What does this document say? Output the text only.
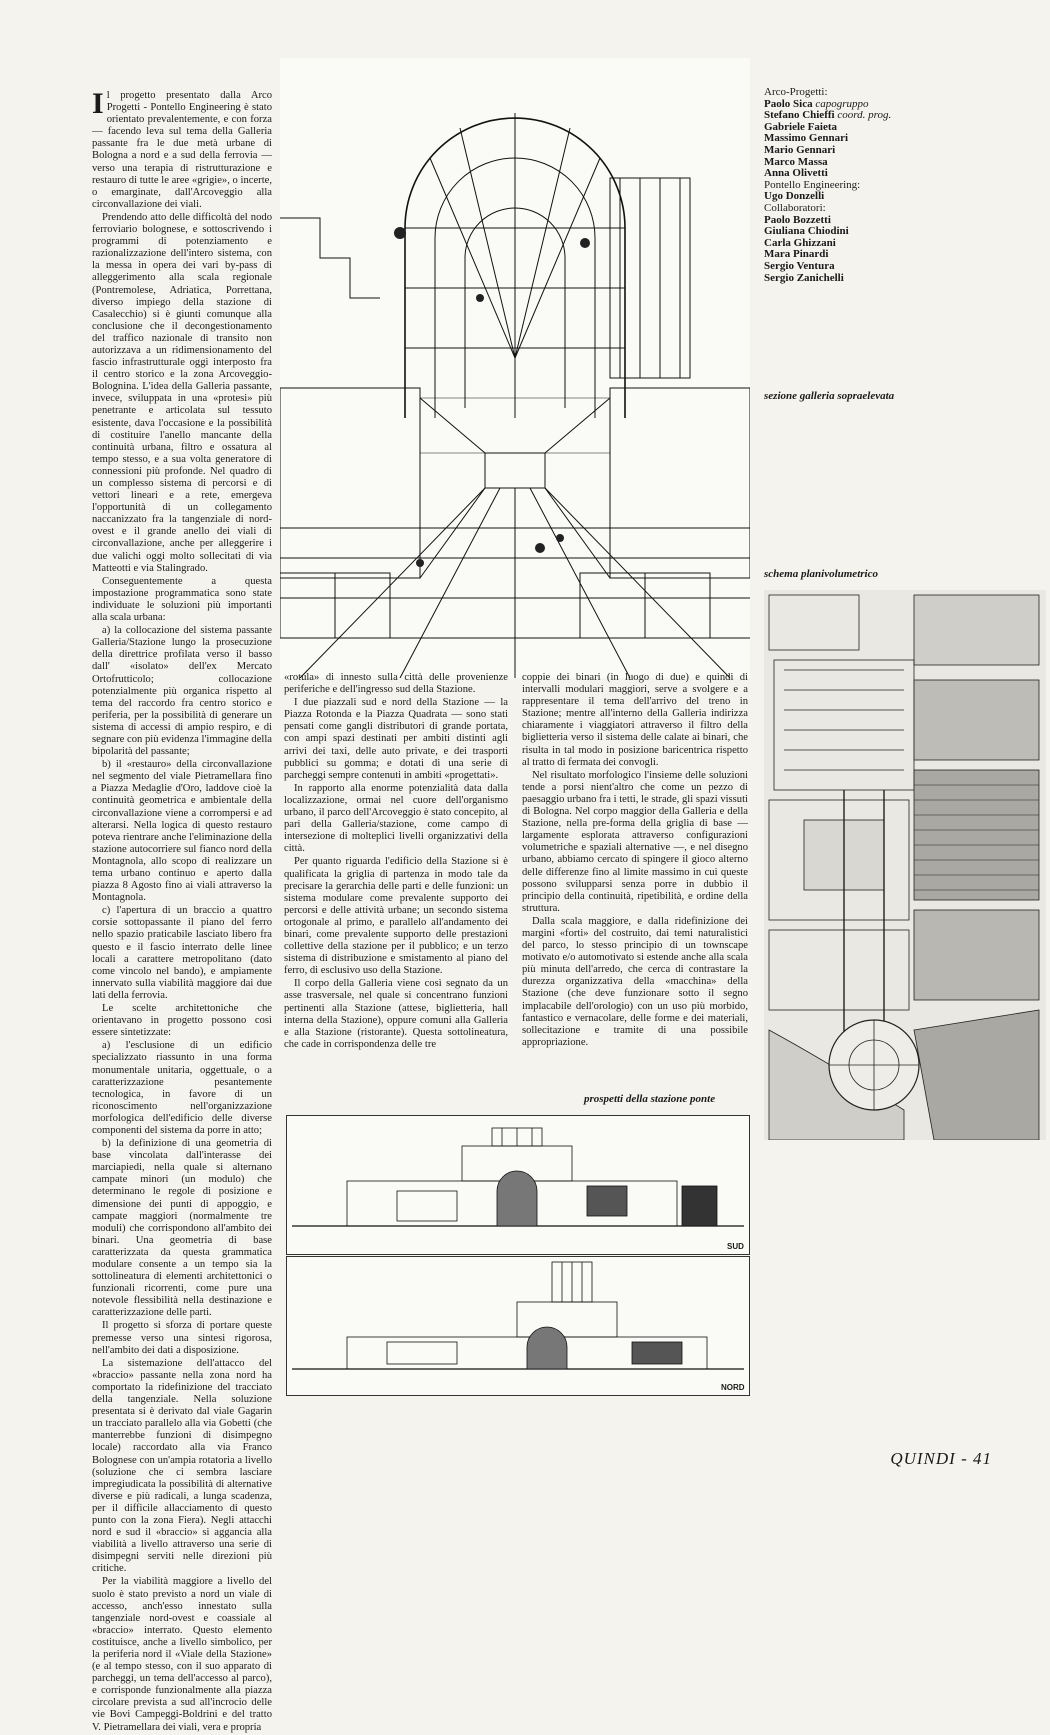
Il progetto presentato dalla Arco Progetti - Pontello Engineering è stato orientato prevalentemente, e con forza — facendo leva sul tema della Galleria passante fra le due metà urbane di Bologna a nord e a sud della ferrovia — verso una terapia di ristrutturazione e restauro di tutte le aree «grigie», o incerte, o emarginate, dall'Arcoveggio alla circonvallazione dei viali.

Prendendo atto delle difficoltà del nodo ferroviario bolognese, e sottoscrivendo i programmi di potenziamento e razionalizzazione dell'intero sistema, con la messa in opera dei vari by-pass di alleggerimento alla scala regionale (Pontremolese, Adriatica, Porrettana, diverso impiego della stazione di Casalecchio) si è giunti comunque alla conclusione che il decongestionamento del traffico nazionale di transito non autorizzava a un ridimensionamento del fascio infrastrutturale oggi interposto fra il centro storico e la zona Arcoveggio-Bolognina. L'idea della Galleria passante, invece, sviluppata in una «protesi» più penetrante e articolata sul tessuto esistente, dava l'occasione e la possibilità di costituire l'anello mancante della continuità urbana, filtro e ossatura al tempo stesso, e a sua volta generatore di connessioni più profonde. Nel quadro di un complesso sistema di percorsi e di vettori lineari e a rete, emergeva l'opportunità di un collegamento naccanizzato fra la tangenziale di nord-ovest e il grande anello dei viali di circonvallazione, anche per alleggerire i due valichi oggi molto sollecitati di via Matteotti e via Stalingrado.

Conseguentemente a questa impostazione programmatica sono state individuate le soluzioni più importanti alla scala urbana:

a) la collocazione del sistema passante Galleria/Stazione lungo la prosecuzione della direttrice profilata verso il basso dall' «isolato» dell'ex Mercato Ortofrutticolo; collocazione potenzialmente più organica rispetto al tema del raccordo fra centro storico e periferia, per la possibilità di generare un sistema di accessi di ampio respiro, e di segnare con più evidenza l'immagine della bipolarità del passante;

b) il «restauro» della circonvallazione nel segmento del viale Pietramellara fino a Piazza Medaglie d'Oro, laddove cioè la continuità geometrica e ambientale della circonvallazione viene a corrompersi e ad alterarsi. Nella logica di questo restauro poteva rientrare anche l'eliminazione della stazione autocorriere sul fianco nord della Montagnola, allo scopo di realizzare un tema urbano continuo e aperto dalla piazza 8 Agosto fino ai viali attraverso la Montagnola.

c) l'apertura di un braccio a quattro corsie sottopassante il piano del ferro nello spazio praticabile lasciato libero fra questo e il fascio interrato delle linee locali a carattere metropolitano (dato come vincolo nel bando), e ampiamente innervato sulla viabilità maggiore dai due lati della ferrovia.

Le scelte architettoniche che orientavano in progetto possono così essere sintetizzate:

a) l'esclusione di un edificio specializzato riassunto in una forma monumentale unitaria, oggettuale, o a caratterizzazione pesantemente tecnologica, in favore di un riconoscimento nell'organizzazione morfologica dell'edificio delle diverse componenti del sistema da porre in atto;

b) la definizione di una geometria di base vincolata dall'interasse dei marciapiedi, nella quale si alternano campate minori (un modulo) che determinano le regole di posizione e dimensione dei punti di appoggio, e campate maggiori (normalmente tre moduli) che corrispondono all'ambito dei binari. Una geometria di base caratterizzata da questa grammatica modulare consente a un tempo sia la sottolineatura di elementi architettonici o funzionali ricorrenti, come pure una notevole flessibilità nella destinazione e caratterizzazione delle parti.

Il progetto si sforza di portare queste premesse verso una sintesi rigorosa, nell'ambito dei dati a disposizione.

La sistemazione dell'attacco del «braccio» passante nella zona nord ha comportato la ridefinizione del tracciato della tangenziale. Nella soluzione presentata si è derivato dal viale Gagarin un tracciato parallelo alla via Gobetti (che manterrebbe funzioni di disimpegno locale) raccordato alla via Franco Bolognese con un'ampia rotatoria a livello (soluzione che ci sembra lasciare impregiudicata la possibilità di alternative diverse e più radicali, a lunga scadenza, per il difficile allacciamento di questo punto con la zona Fiera). Negli attacchi nord e sud il «braccio» si aggancia alla viabilità a livello attraverso una serie di disimpegni serviti nelle direzioni più critiche.

Per la viabilità maggiore a livello del suolo è stato previsto a nord un viale di accesso, anch'esso innestato sulla tangenziale nord-ovest e coassiale al «braccio» interrato. Questo elemento costituisce, anche a livello simbolico, per la periferia nord il «Viale della Stazione» (e al tempo stesso, con il suo apparato di parcheggi, un tema dell'accesso al parco), e corrisponde funzionalmente alla piazza circolare prevista a sud all'incrocio delle vie Bovi Campeggi-Boldrini e del tratto V. Pietramellara dei viali, vera e propria

Arco-Progetti:
Paolo Sica capogruppo
Stefano Chieffi coord. prog.
Gabriele Faieta
Massimo Gennari
Mario Gennari
Marco Massa
Anna Olivetti
Pontello Engineering:
Ugo Donzelli
Collaboratori:
Paolo Bozzetti
Giuliana Chiodini
Carla Ghizzani
Mara Pinardi
Sergio Ventura
Sergio Zanichelli
sezione galleria sopraelevata
schema planivolumetrico

«rotula» di innesto sulla città delle provenienze periferiche e dell'ingresso sud della Stazione.

I due piazzali sud e nord della Stazione — la Piazza Rotonda e la Piazza Quadrata — sono stati pensati come gangli distributori di grande portata, con ampi spazi destinati per ambiti distinti agli arrivi dei taxi, delle auto private, e dei trasporti pubblici su gomma; e dotati di una serie di parcheggi sempre contenuti in ambiti «progettati».

In rapporto alla enorme potenzialità data dalla localizzazione, ormai nel cuore dell'organismo urbano, il parco dell'Arcoveggio è stato concepito, al pari della Galleria/stazione, come campo di intersezione di molteplici livelli organizzativi della città.

Per quanto riguarda l'edificio della Stazione si è qualificata la griglia di partenza in modo tale da precisare la gerarchia delle parti e delle funzioni: un sistema modulare come prevalente supporto dei percorsi e delle attività urbane; un secondo sistema ortogonale al primo, e parallelo all'andamento dei binari, come prevalente supporto delle prestazioni collettive della stazione per il pubblico; e un terzo sistema di distribuzione e smistamento al piano del ferro, di esclusivo uso della Stazione.

Il corpo della Galleria viene così segnato da un asse trasversale, nel quale si concentrano funzioni pertinenti alla Stazione (attese, biglietteria, hall interna della Stazione), oppure comuni alla Galleria e alla Stazione (ristorante). Questa sottolineatura, che cade in corrispondenza delle tre

coppie dei binari (in luogo di due) e quindi di intervalli modulari maggiori, serve a svolgere e a rappresentare il tema dell'arrivo del treno in Stazione; mentre all'interno della Galleria indirizza chiaramente i viaggiatori attraverso il filtro della biglietteria verso il sistema delle calate ai binari, che risulta in tal modo in posizione baricentrica rispetto al tratto di fermata dei convogli.

Nel risultato morfologico l'insieme delle soluzioni tende a porsi nient'altro che come un pezzo di paesaggio urbano fra i tetti, le strade, gli spazi vissuti di Bologna. Nel corpo maggior della Galleria e della Stazione, nella pre-forma della griglia di base — largamente esplorata attraverso configurazioni volumetriche e spaziali alternative —, e nel disegno urbano, abbiamo cercato di spingere il gioco alterno delle differenze fino al limite massimo in cui queste possono svilupparsi senza porre in dubbio il principio della continuità, ripetibilità, e ordine della struttura.

Dalla scala maggiore, e dalla ridefinizione dei margini «forti» del costruito, dai temi naturalistici del parco, lo stesso principio di un townscape motivato e/o automotivato si estende anche alla scala più minuta dell'arredo, che cerca di contrastare la durezza organizzativa della «macchina» della Stazione (che deve funzionare sotto il segno implacabile dell'orologio) con un uso più morbido, fantastico e vernacolare, delle forme e dei materiali, sollecitazione e tramite di una possibile appropriazione.

prospetti della stazione ponte
SUD
NORD
QUINDI - 41
